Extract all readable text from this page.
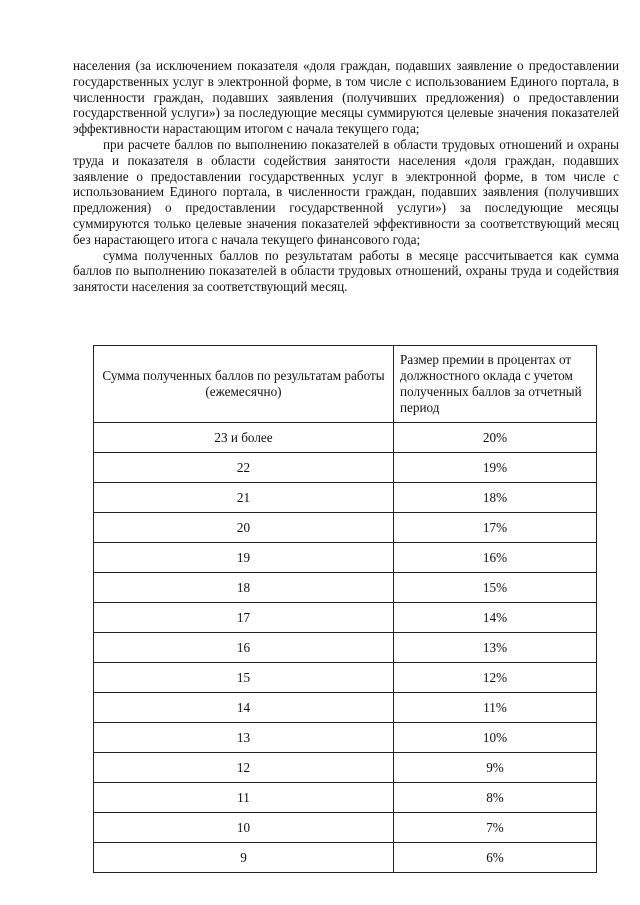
населения (за исключением показателя «доля граждан, подавших заявление о предоставлении государственных услуг в электронной форме, в том числе с использованием Единого портала, в численности граждан, подавших заявления (получивших предложения) о предоставлении государственной услуги») за последующие месяцы суммируются целевые значения показателей эффективности нарастающим итогом с начала текущего года;

при расчете баллов по выполнению показателей в области трудовых отношений и охраны труда и показателя в области содействия занятости населения «доля граждан, подавших заявление о предоставлении государственных услуг в электронной форме, в том числе с использованием Единого портала, в численности граждан, подавших заявления (получивших предложения) о предоставлении государственной услуги») за последующие месяцы суммируются только целевые значения показателей эффективности за соответствующий месяц без нарастающего итога с начала текущего финансового года;

сумма полученных баллов по результатам работы в месяце рассчитывается как сумма баллов по выполнению показателей в области трудовых отношений, охраны труда и содействия занятости населения за соответствующий месяц.

Сумма полученных баллов по результатам работы (ежемесячно)	Размер премии в процентах от должностного оклада с учетом полученных баллов за отчетный период
23 и более	20%
22	19%
21	18%
20	17%
19	16%
18	15%
17	14%
16	13%
15	12%
14	11%
13	10%
12	9%
11	8%
10	7%
9	6%
